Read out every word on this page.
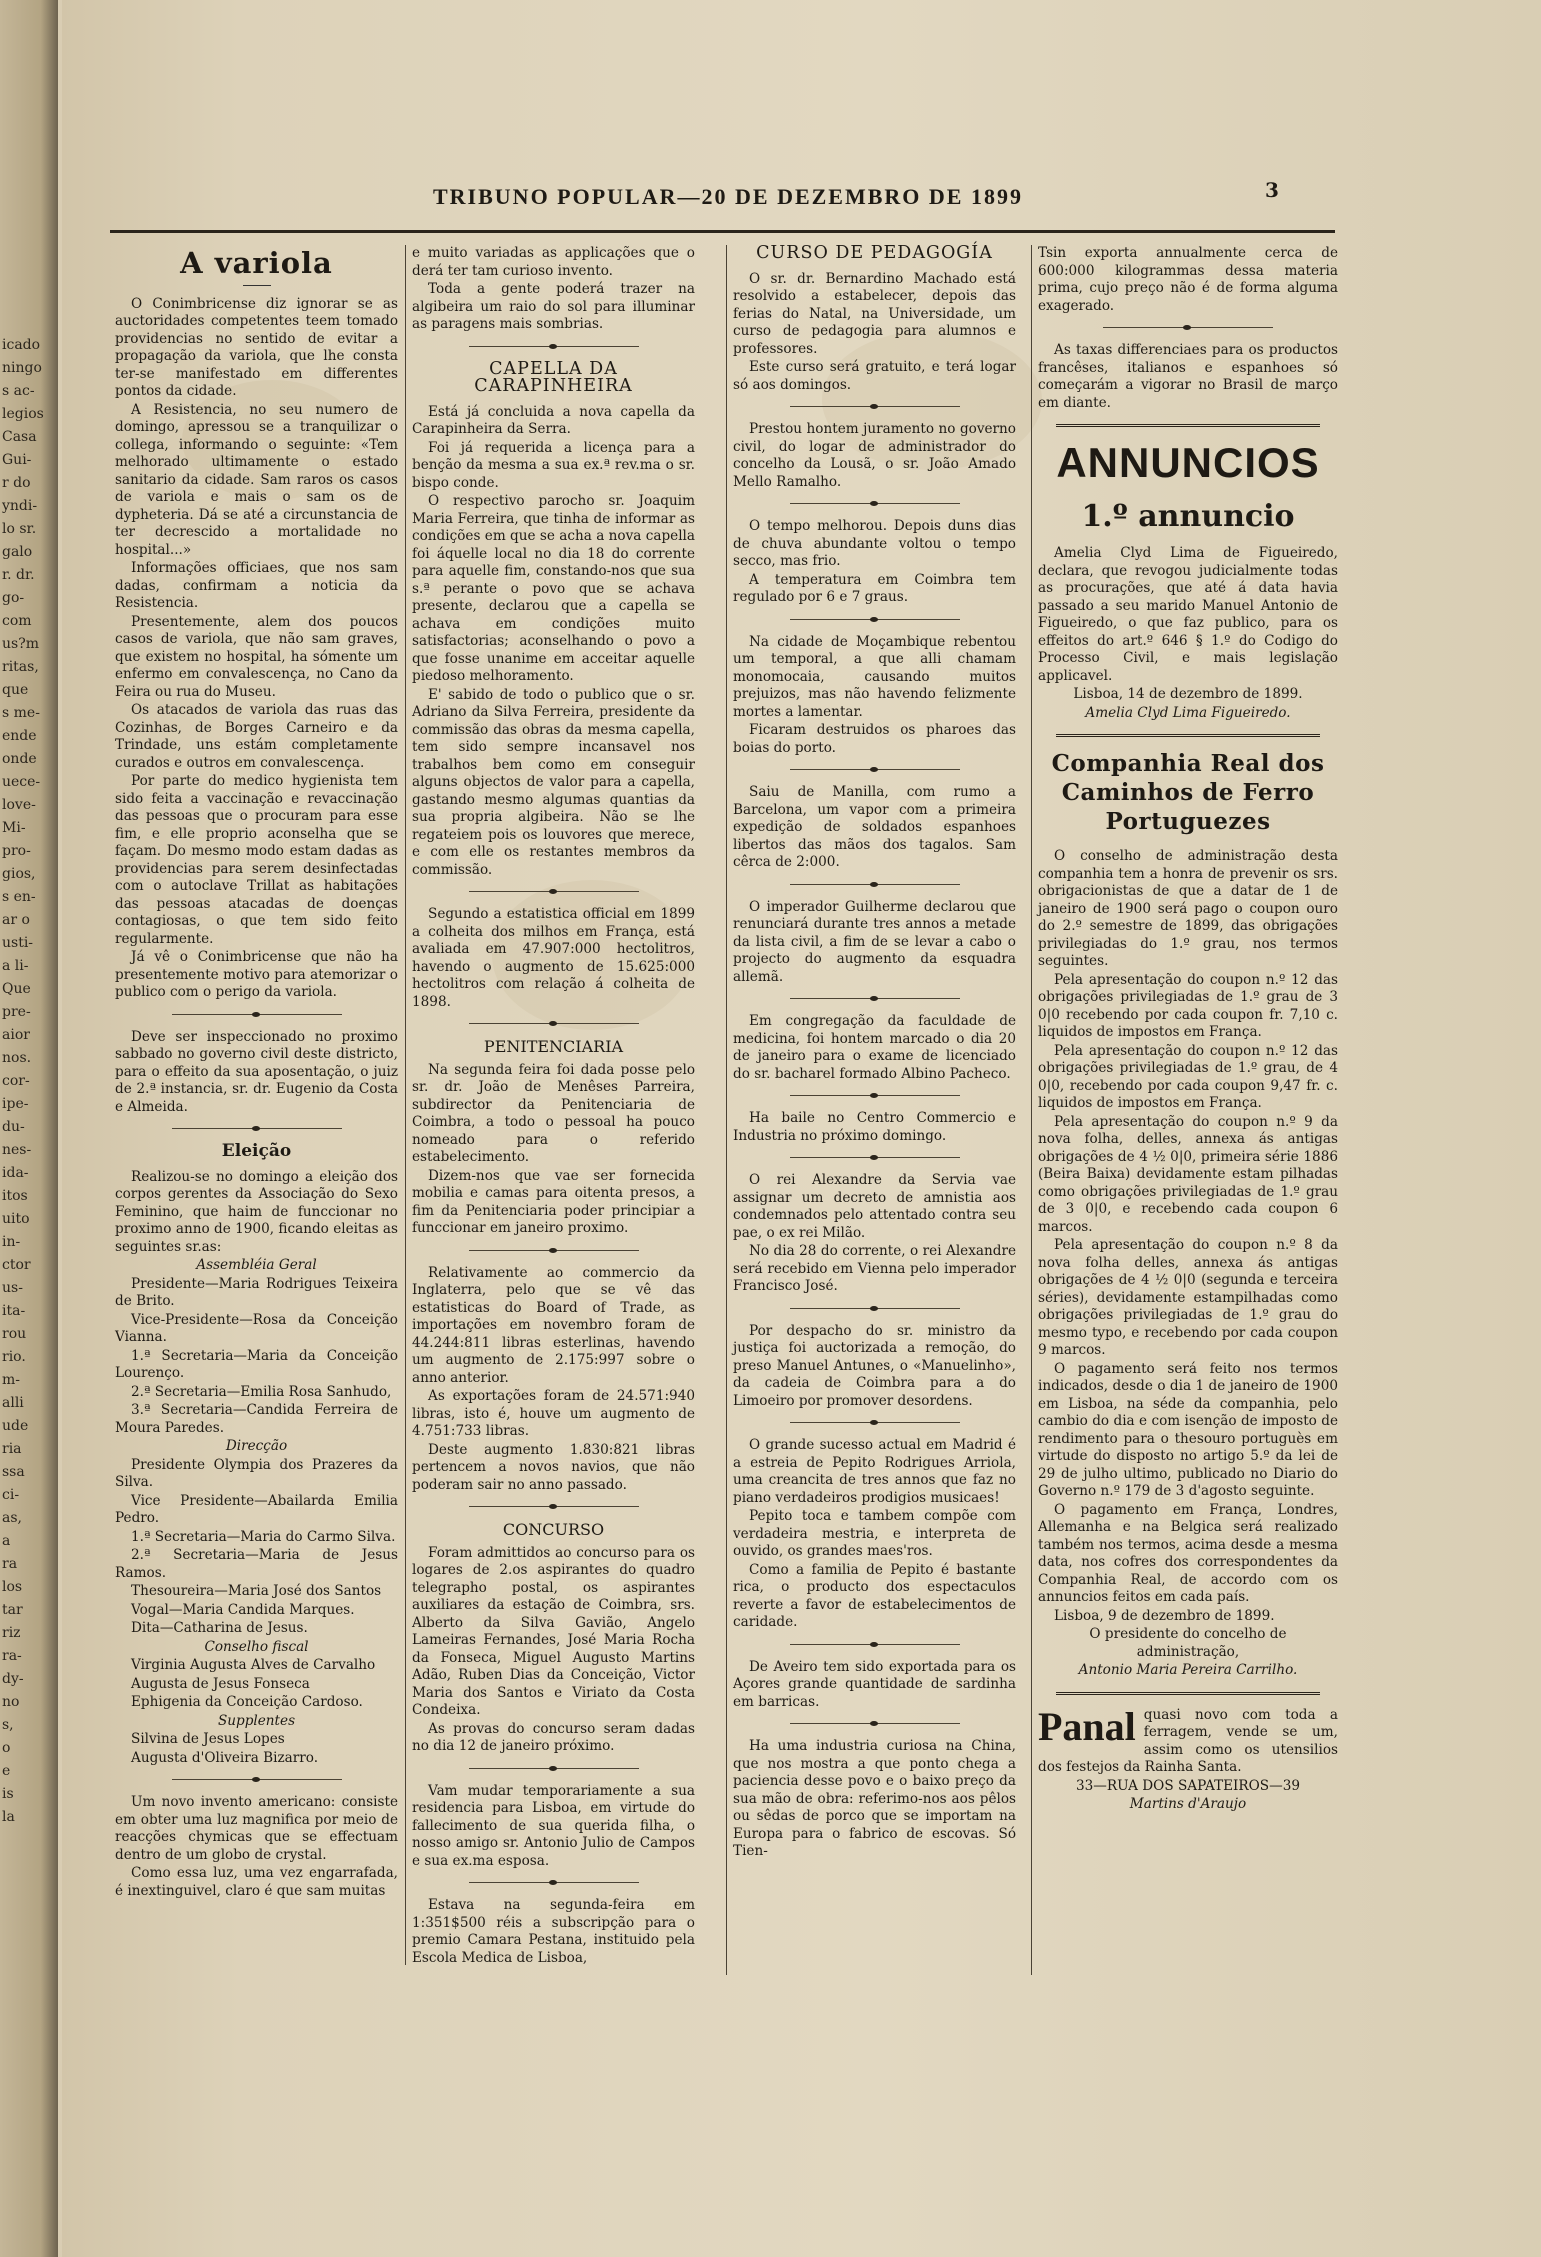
icado
ningo
s ac-
legios
Casa
Gui-
r do
yndi-
lo sr.
galo
r. dr.
go-
com
us?m
ritas,
que
s me-
ende
onde
uece-
love-
Mi-
pro-
gios,
s en-
ar o
usti-
a li-
Que
pre-
aior
nos.
cor-
ipe-
du-
nes-
ida-
itos
uito
in-
ctor
us-
ita-
rou
rio.
m-
alli
ude
ria
ssa
ci-
as,
a
ra
los
tar
riz
ra-
dy-
no
s,
o
e
is
la
TRIBUNO POPULAR—20 DE DEZEMBRO DE 1899	3
A variola

O Conimbricense diz ignorar se as auctoridades competentes teem tomado providencias no sentido de evitar a propagação da variola, que lhe consta ter-se manifestado em differentes pontos da cidade.

A Resistencia, no seu numero de domingo, apressou se a tranquilizar o collega, informando o seguinte: «Tem melhorado ultimamente o estado sanitario da cidade. Sam raros os casos de variola e mais o sam os de dypheteria. Dá se até a circunstancia de ter decrescido a mortalidade no hospital...»

Informações officiaes, que nos sam dadas, confirmam a noticia da Resistencia.

Presentemente, alem dos poucos casos de variola, que não sam graves, que existem no hospital, ha sómente um enfermo em convalescença, no Cano da Feira ou rua do Museu.

Os atacados de variola das ruas das Cozinhas, de Borges Carneiro e da Trindade, uns estám completamente curados e outros em convalescença.

Por parte do medico hygienista tem sido feita a vaccinação e revaccinação das pessoas que o procuram para esse fim, e elle proprio aconselha que se façam. Do mesmo modo estam dadas as providencias para serem desinfectadas com o autoclave Trillat as habitações das pessoas atacadas de doenças contagiosas, o que tem sido feito regularmente.

Já vê o Conimbricense que não ha presentemente motivo para atemorizar o publico com o perigo da variola.

Deve ser inspeccionado no proximo sabbado no governo civil deste districto, para o effeito da sua aposentação, o juiz de 2.ª instancia, sr. dr. Eugenio da Costa e Almeida.

Eleição

Realizou-se no domingo a eleição dos corpos gerentes da Associação do Sexo Feminino, que haim de funccionar no proximo anno de 1900, ficando eleitas as seguintes sr.as:

Assembléia Geral

Presidente—Maria Rodrigues Teixeira de Brito.

Vice-Presidente—Rosa da Conceição Vianna.

1.ª Secretaria—Maria da Conceição Lourenço.

2.ª Secretaria—Emilia Rosa Sanhudo,

3.ª Secretaria—Candida Ferreira de Moura Paredes.

Direcção

Presidente Olympia dos Prazeres da Silva.

Vice Presidente—Abailarda Emilia Pedro.

1.ª Secretaria—Maria do Carmo Silva.

2.ª Secretaria—Maria de Jesus Ramos.

Thesoureira—Maria José dos Santos

Vogal—Maria Candida Marques.

Dita—Catharina de Jesus.

Conselho fiscal

Virginia Augusta Alves de Carvalho

Augusta de Jesus Fonseca

Ephigenia da Conceição Cardoso.

Supplentes

Silvina de Jesus Lopes

Augusta d'Oliveira Bizarro.

Um novo invento americano: consiste em obter uma luz magnifica por meio de reacções chymicas que se effectuam dentro de um globo de crystal.

Como essa luz, uma vez engarrafada, é inextinguivel, claro é que sam muitas

e muito variadas as applicações que o derá ter tam curioso invento.

Toda a gente poderá trazer na algibeira um raio do sol para illuminar as paragens mais sombrias.

CAPELLA DA CARAPINHEIRA

Está já concluida a nova capella da Carapinheira da Serra.

Foi já requerida a licença para a benção da mesma a sua ex.ª rev.ma o sr. bispo conde.

O respectivo parocho sr. Joaquim Maria Ferreira, que tinha de informar as condições em que se acha a nova capella foi áquelle local no dia 18 do corrente para aquelle fim, constando-nos que sua s.ª perante o povo que se achava presente, declarou que a capella se achava em condições muito satisfactorias; aconselhando o povo a que fosse unanime em acceitar aquelle piedoso melhoramento.

E' sabido de todo o publico que o sr. Adriano da Silva Ferreira, presidente da commissão das obras da mesma capella, tem sido sempre incansavel nos trabalhos bem como em conseguir alguns objectos de valor para a capella, gastando mesmo algumas quantias da sua propria algibeira. Não se lhe regateiem pois os louvores que merece, e com elle os restantes membros da commissão.

Segundo a estatistica official em 1899 a colheita dos milhos em França, está avaliada em 47.907:000 hectolitros, havendo o augmento de 15.625:000 hectolitros com relação á colheita de 1898.

PENITENCIARIA

Na segunda feira foi dada posse pelo sr. dr. João de Menêses Parreira, subdirector da Penitenciaria de Coimbra, a todo o pessoal ha pouco nomeado para o referido estabelecimento.

Dizem-nos que vae ser fornecida mobilia e camas para oitenta presos, a fim da Penitenciaria poder principiar a funccionar em janeiro proximo.

Relativamente ao commercio da Inglaterra, pelo que se vê das estatisticas do Board of Trade, as importações em novembro foram de 44.244:811 libras esterlinas, havendo um augmento de 2.175:997 sobre o anno anterior.

As exportações foram de 24.571:940 libras, isto é, houve um augmento de 4.751:733 libras.

Deste augmento 1.830:821 libras pertencem a novos navios, que não poderam sair no anno passado.

CONCURSO

Foram admittidos ao concurso para os logares de 2.os aspirantes do quadro telegrapho postal, os aspirantes auxiliares da estação de Coimbra, srs. Alberto da Silva Gavião, Angelo Lameiras Fernandes, José Maria Rocha da Fonseca, Miguel Augusto Martins Adão, Ruben Dias da Conceição, Victor Maria dos Santos e Viriato da Costa Condeixa.

As provas do concurso seram dadas no dia 12 de janeiro próximo.

Vam mudar temporariamente a sua residencia para Lisboa, em virtude do fallecimento de sua querida filha, o nosso amigo sr. Antonio Julio de Campos e sua ex.ma esposa.

Estava na segunda-feira em 1:351$500 réis a subscripção para o premio Camara Pestana, instituido pela Escola Medica de Lisboa,

CURSO DE PEDAGOGÍA

O sr. dr. Bernardino Machado está resolvido a estabelecer, depois das ferias do Natal, na Universidade, um curso de pedagogia para alumnos e professores.

Este curso será gratuito, e terá logar só aos domingos.

Prestou hontem juramento no governo civil, do logar de administrador do concelho da Lousã, o sr. João Amado Mello Ramalho.

O tempo melhorou. Depois duns dias de chuva abundante voltou o tempo secco, mas frio.

A temperatura em Coimbra tem regulado por 6 e 7 graus.

Na cidade de Moçambique rebentou um temporal, a que alli chamam monomocaia, causando muitos prejuizos, mas não havendo felizmente mortes a lamentar.

Ficaram destruidos os pharoes das boias do porto.

Saiu de Manilla, com rumo a Barcelona, um vapor com a primeira expedição de soldados espanhoes libertos das mãos dos tagalos. Sam cêrca de 2:000.

O imperador Guilherme declarou que renunciará durante tres annos a metade da lista civil, a fim de se levar a cabo o projecto do augmento da esquadra allemã.

Em congregação da faculdade de medicina, foi hontem marcado o dia 20 de janeiro para o exame de licenciado do sr. bacharel formado Albino Pacheco.

Ha baile no Centro Commercio e Industria no próximo domingo.

O rei Alexandre da Servia vae assignar um decreto de amnistia aos condemnados pelo attentado contra seu pae, o ex rei Milão.

No dia 28 do corrente, o rei Alexandre será recebido em Vienna pelo imperador Francisco José.

Por despacho do sr. ministro da justiça foi auctorizada a remoção, do preso Manuel Antunes, o «Manuelinho», da cadeia de Coimbra para a do Limoeiro por promover desordens.

O grande sucesso actual em Madrid é a estreia de Pepito Rodrigues Arriola, uma creancita de tres annos que faz no piano verdadeiros prodigios musicaes!

Pepito toca e tambem compõe com verdadeira mestria, e interpreta de ouvido, os grandes maes'ros.

Como a familia de Pepito é bastante rica, o producto dos espectaculos reverte a favor de estabelecimentos de caridade.

De Aveiro tem sido exportada para os Açores grande quantidade de sardinha em barricas.

Ha uma industria curiosa na China, que nos mostra a que ponto chega a paciencia desse povo e o baixo preço da sua mão de obra: referimo-nos aos pêlos ou sêdas de porco que se importam na Europa para o fabrico de escovas. Só Tien-

Tsin exporta annualmente cerca de 600:000 kilogrammas dessa materia prima, cujo preço não é de forma alguma exagerado.

As taxas differenciaes para os productos francêses, italianos e espanhoes só começarám a vigorar no Brasil de março em diante.

ANNUNCIOS
1.º annuncio

Amelia Clyd Lima de Figueiredo, declara, que revogou judicialmente todas as procurações, que até á data havia passado a seu marido Manuel Antonio de Figueiredo, o que faz publico, para os effeitos do art.º 646 § 1.º do Codigo do Processo Civil, e mais legislação applicavel.

Lisboa, 14 de dezembro de 1899.

Amelia Clyd Lima Figueiredo.

Companhia Real dos Caminhos de Ferro Portuguezes

O conselho de administração desta companhia tem a honra de prevenir os srs. obrigacionistas de que a datar de 1 de janeiro de 1900 será pago o coupon ouro do 2.º semestre de 1899, das obrigações privilegiadas do 1.º grau, nos termos seguintes.

Pela apresentação do coupon n.º 12 das obrigações privilegiadas de 1.º grau de 3 0|0 recebendo por cada coupon fr. 7,10 c. liquidos de impostos em França.

Pela apresentação do coupon n.º 12 das obrigações privilegiadas de 1.º grau, de 4 0|0, recebendo por cada coupon 9,47 fr. c. liquidos de impostos em França.

Pela apresentação do coupon n.º 9 da nova folha, delles, annexa ás antigas obrigações de 4 ½ 0|0, primeira série 1886 (Beira Baixa) devidamente estam pilhadas como obrigações privilegiadas de 1.º grau de 3 0|0, e recebendo cada coupon 6 marcos.

Pela apresentação do coupon n.º 8 da nova folha delles, annexa ás antigas obrigações de 4 ½ 0|0 (segunda e terceira séries), devidamente estampilhadas como obrigações privilegiadas de 1.º grau do mesmo typo, e recebendo por cada coupon 9 marcos.

O pagamento será feito nos termos indicados, desde o dia 1 de janeiro de 1900 em Lisboa, na séde da companhia, pelo cambio do dia e com isenção de imposto de rendimento para o thesouro portuguès em virtude do disposto no artigo 5.º da lei de 29 de julho ultimo, publicado no Diario do Governo n.º 179 de 3 d'agosto seguinte.

O pagamento em França, Londres, Allemanha e na Belgica será realizado também nos termos, acima desde a mesma data, nos cofres dos correspondentes da Companhia Real, de accordo com os annuncios feitos em cada país.

Lisboa, 9 de dezembro de 1899.

O presidente do concelho de administração,

Antonio Maria Pereira Carrilho.

Panal quasi novo com toda a ferragem, vende se um, assim como os utensilios dos festejos da Rainha Santa.

33—RUA DOS SAPATEIROS—39

Martins d'Araujo
